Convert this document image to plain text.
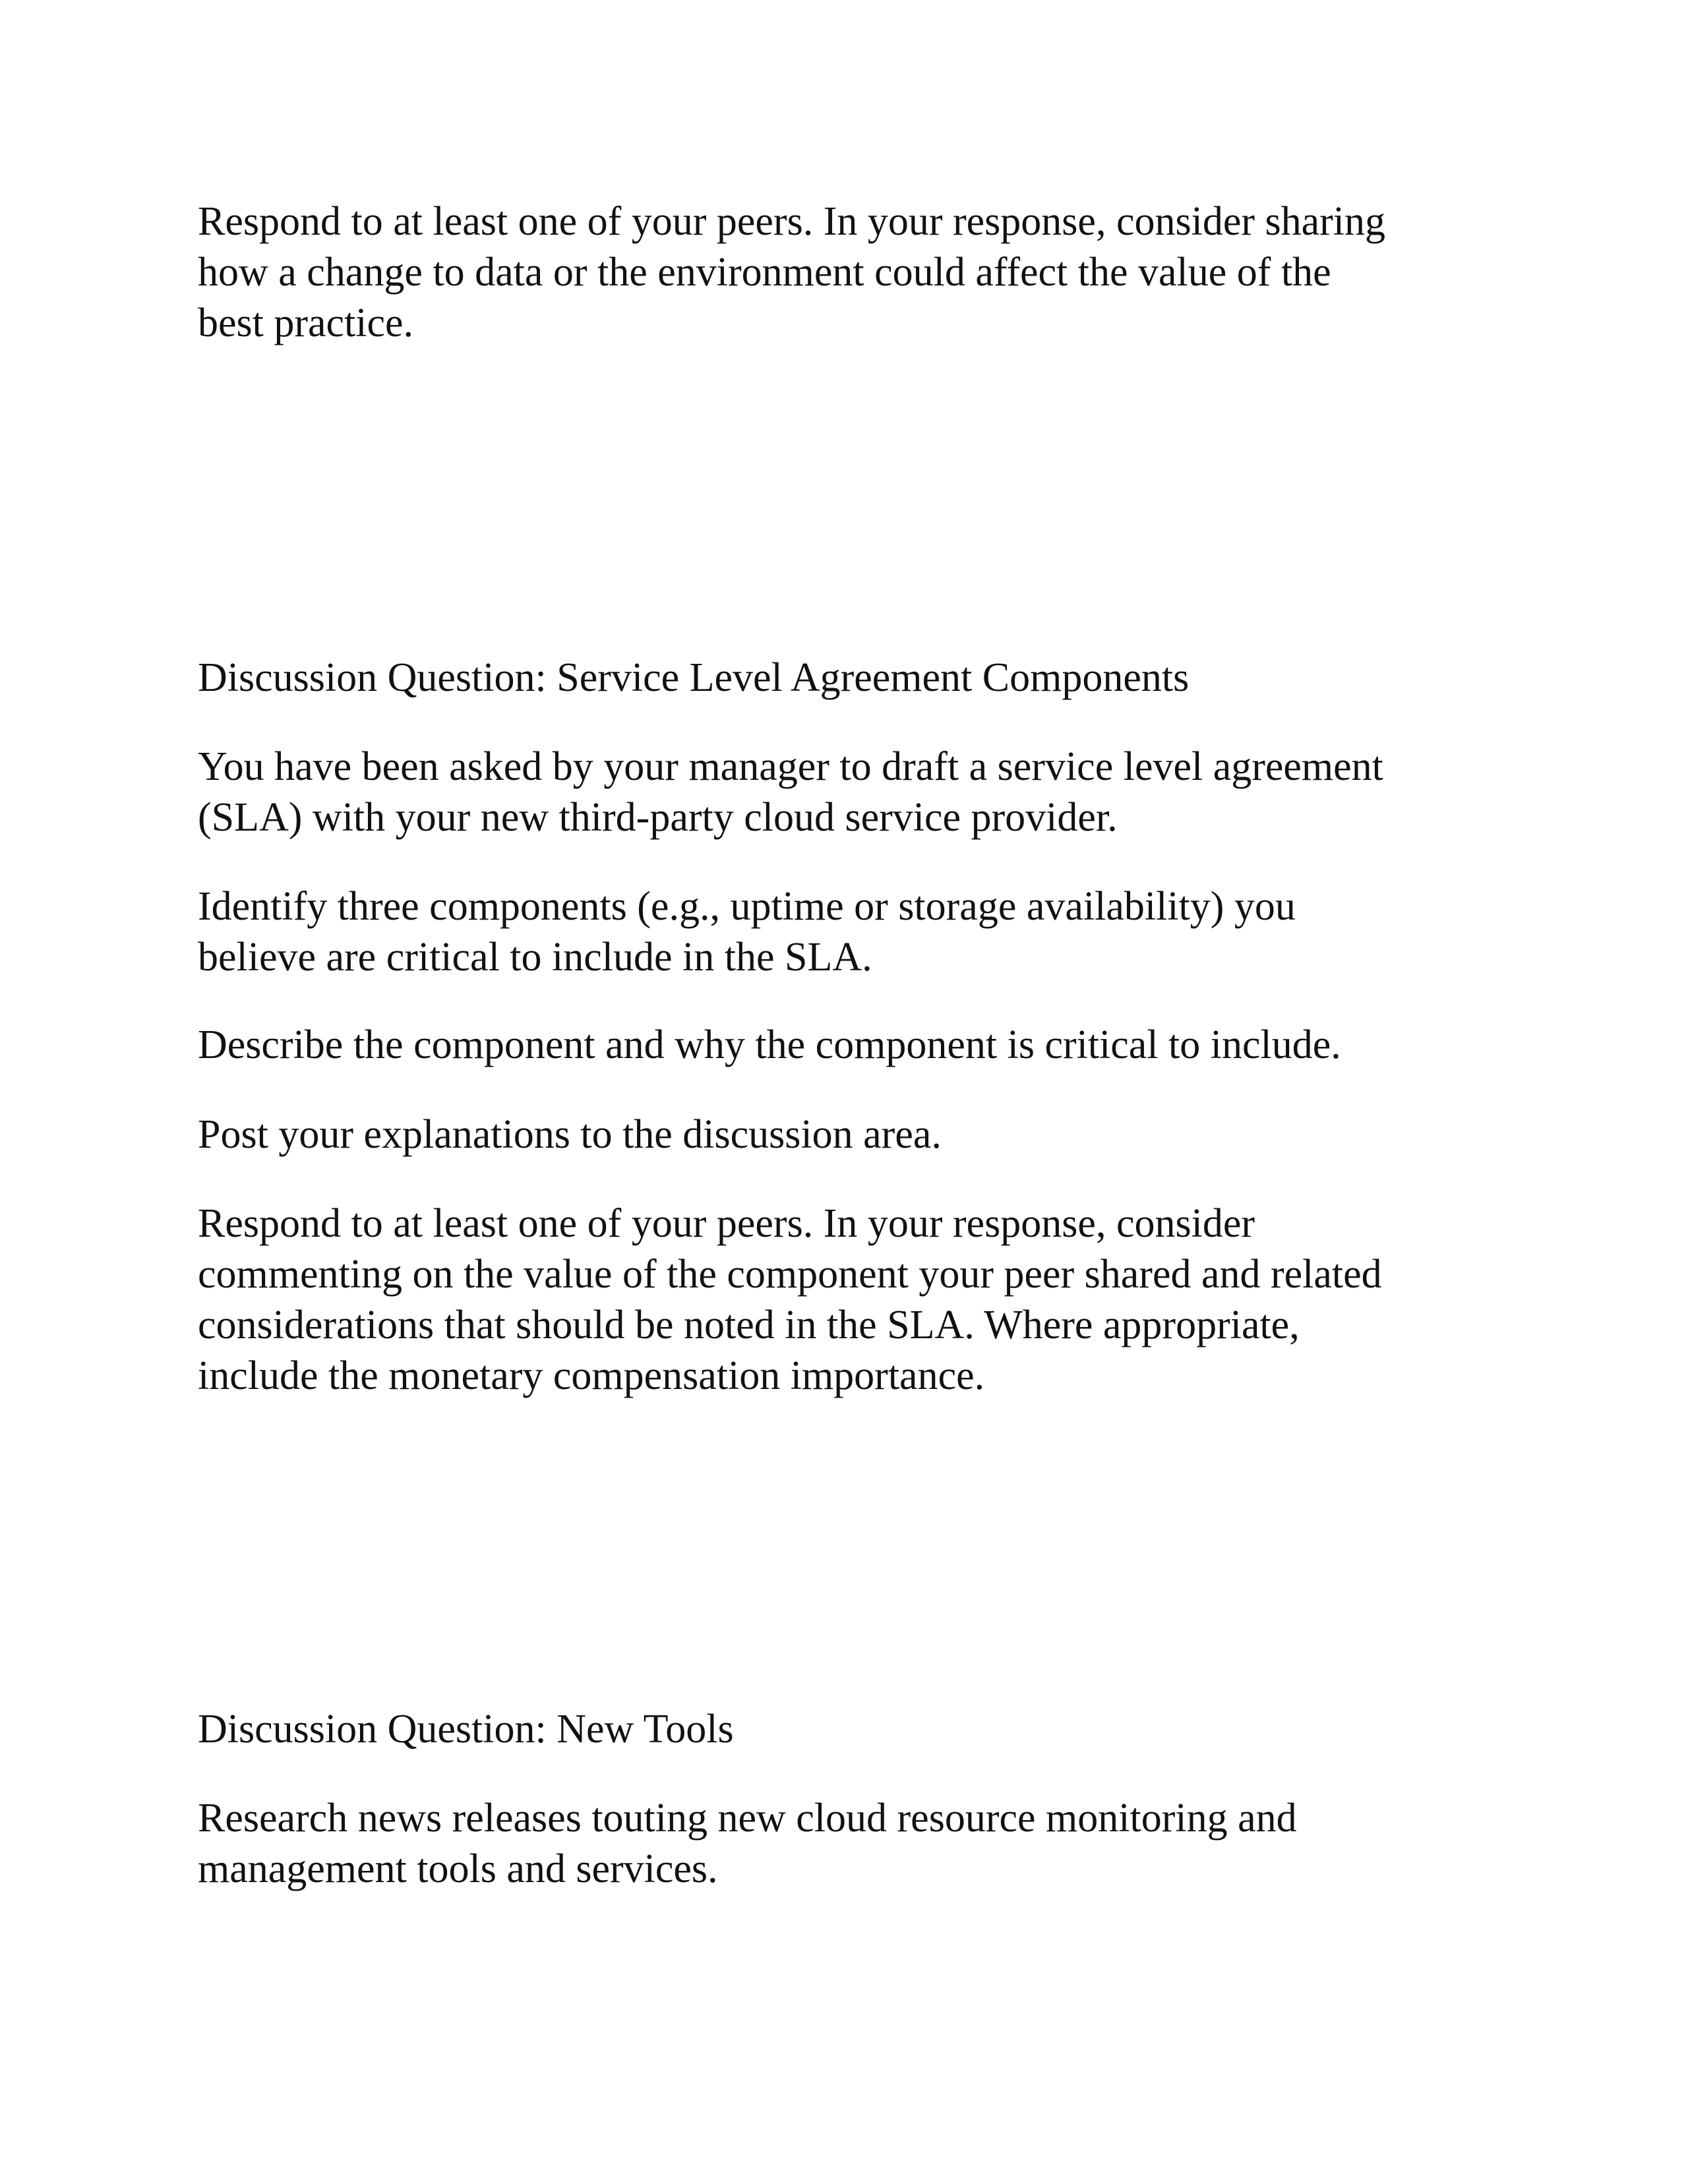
Respond to at least one of your peers. In your response, consider sharing
how a change to data or the environment could affect the value of the
best practice.

Discussion Question: Service Level Agreement Components

You have been asked by your manager to draft a service level agreement
(SLA) with your new third-party cloud service provider.

Identify three components (e.g., uptime or storage availability) you
believe are critical to include in the SLA.

Describe the component and why the component is critical to include.

Post your explanations to the discussion area.

Respond to at least one of your peers. In your response, consider
commenting on the value of the component your peer shared and related
considerations that should be noted in the SLA. Where appropriate,
include the monetary compensation importance.

Discussion Question: New Tools

Research news releases touting new cloud resource monitoring and
management tools and services.
